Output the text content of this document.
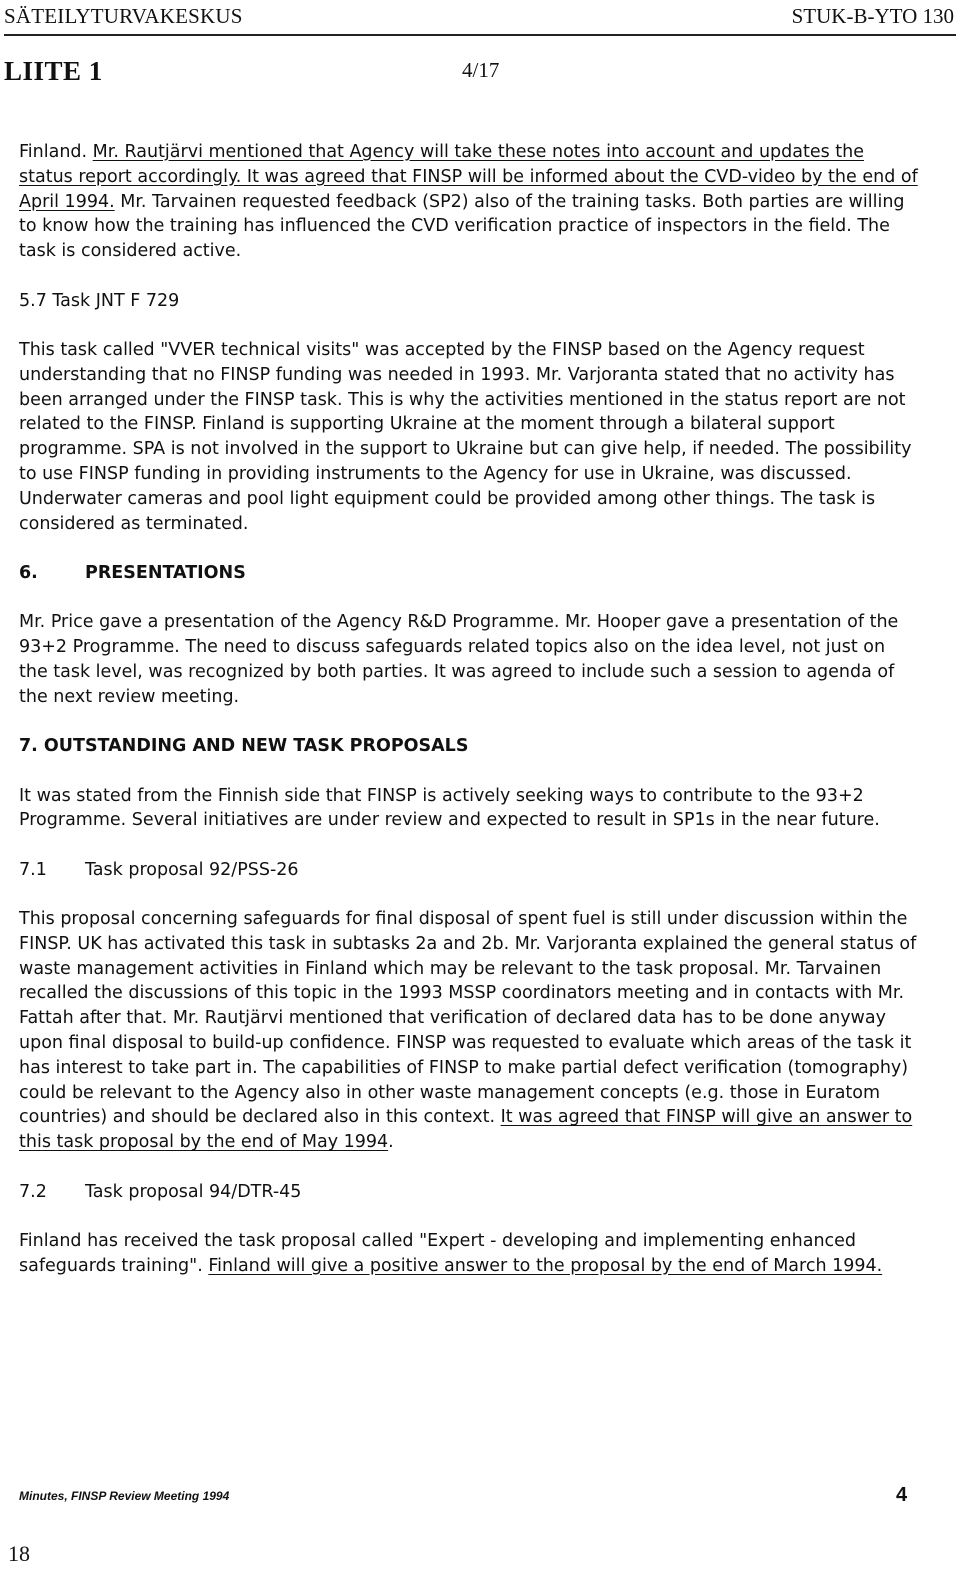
SÄTEILYTURVAKESKUS	STUK-B-YTO 130
LIITE 1	4/17

Finland. Mr. Rautjärvi mentioned that Agency will take these notes into account and updates the status report accordingly. It was agreed that FINSP will be informed about the CVD-video by the end of April 1994. Mr. Tarvainen requested feedback (SP2) also of the training tasks. Both parties are willing to know how the training has influenced the CVD verification practice of inspectors in the field. The task is considered active.

5.7 Task JNT F 729

This task called "VVER technical visits" was accepted by the FINSP based on the Agency request understanding that no FINSP funding was needed in 1993. Mr. Varjoranta stated that no activity has been arranged under the FINSP task. This is why the activities mentioned in the status report are not related to the FINSP. Finland is supporting Ukraine at the moment through a bilateral support programme. SPA is not involved in the support to Ukraine but can give help, if needed. The possibility to use FINSP funding in providing instruments to the Agency for use in Ukraine, was discussed. Underwater cameras and pool light equipment could be provided among other things. The task is considered as terminated.

6.	PRESENTATIONS

Mr. Price gave a presentation of the Agency R&D Programme. Mr. Hooper gave a presentation of the 93+2 Programme. The need to discuss safeguards related topics also on the idea level, not just on the task level, was recognized by both parties. It was agreed to include such a session to agenda of the next review meeting.

7. OUTSTANDING AND NEW TASK PROPOSALS

It was stated from the Finnish side that FINSP is actively seeking ways to contribute to the 93+2 Programme. Several initiatives are under review and expected to result in SP1s in the near future.

7.1 Task proposal 92/PSS-26

This proposal concerning safeguards for final disposal of spent fuel is still under discussion within the FINSP. UK has activated this task in subtasks 2a and 2b. Mr. Varjoranta explained the general status of waste management activities in Finland which may be relevant to the task proposal. Mr. Tarvainen recalled the discussions of this topic in the 1993 MSSP coordinators meeting and in contacts with Mr. Fattah after that. Mr. Rautjärvi mentioned that verification of declared data has to be done anyway upon final disposal to build-up confidence. FINSP was requested to evaluate which areas of the task it has interest to take part in. The capabilities of FINSP to make partial defect verification (tomography) could be relevant to the Agency also in other waste management concepts (e.g. those in Euratom countries) and should be declared also in this context. It was agreed that FINSP will give an answer to this task proposal by the end of May 1994.

7.2 Task proposal 94/DTR-45

Finland has received the task proposal called "Expert - developing and implementing enhanced safeguards training". Finland will give a positive answer to the proposal by the end of March 1994.

Minutes, FINSP Review Meeting 1994	4
18
